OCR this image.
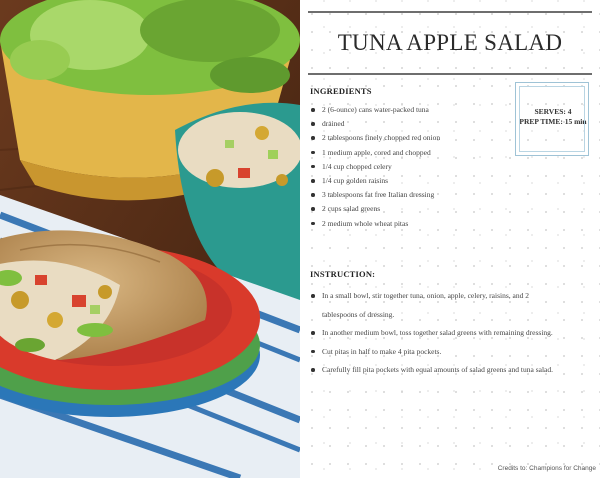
TUNA APPLE SALAD
INGREDIENTS
2 (6-ounce) cans water-packed tuna
drained
2 tablespoons finely chopped red onion
1 medium apple, cored and chopped
1/4 cup chopped celery
1/4 cup golden raisins
3 tablespoons fat free Italian dressing
2 cups salad greens
2 medium whole wheat pitas
SERVES: 4
PREP TIME: 15 min
INSTRUCTION:
In a small bowl, stir together tuna, onion, apple, celery, raisins, and 2 tablespoons of dressing.
In another medium bowl, toss together salad greens with remaining dressing.
Cut pitas in half to make 4 pita pockets.
Carefully fill pita pockets with equal amounts of salad greens and tuna salad.
Credits to: Champions for Change
